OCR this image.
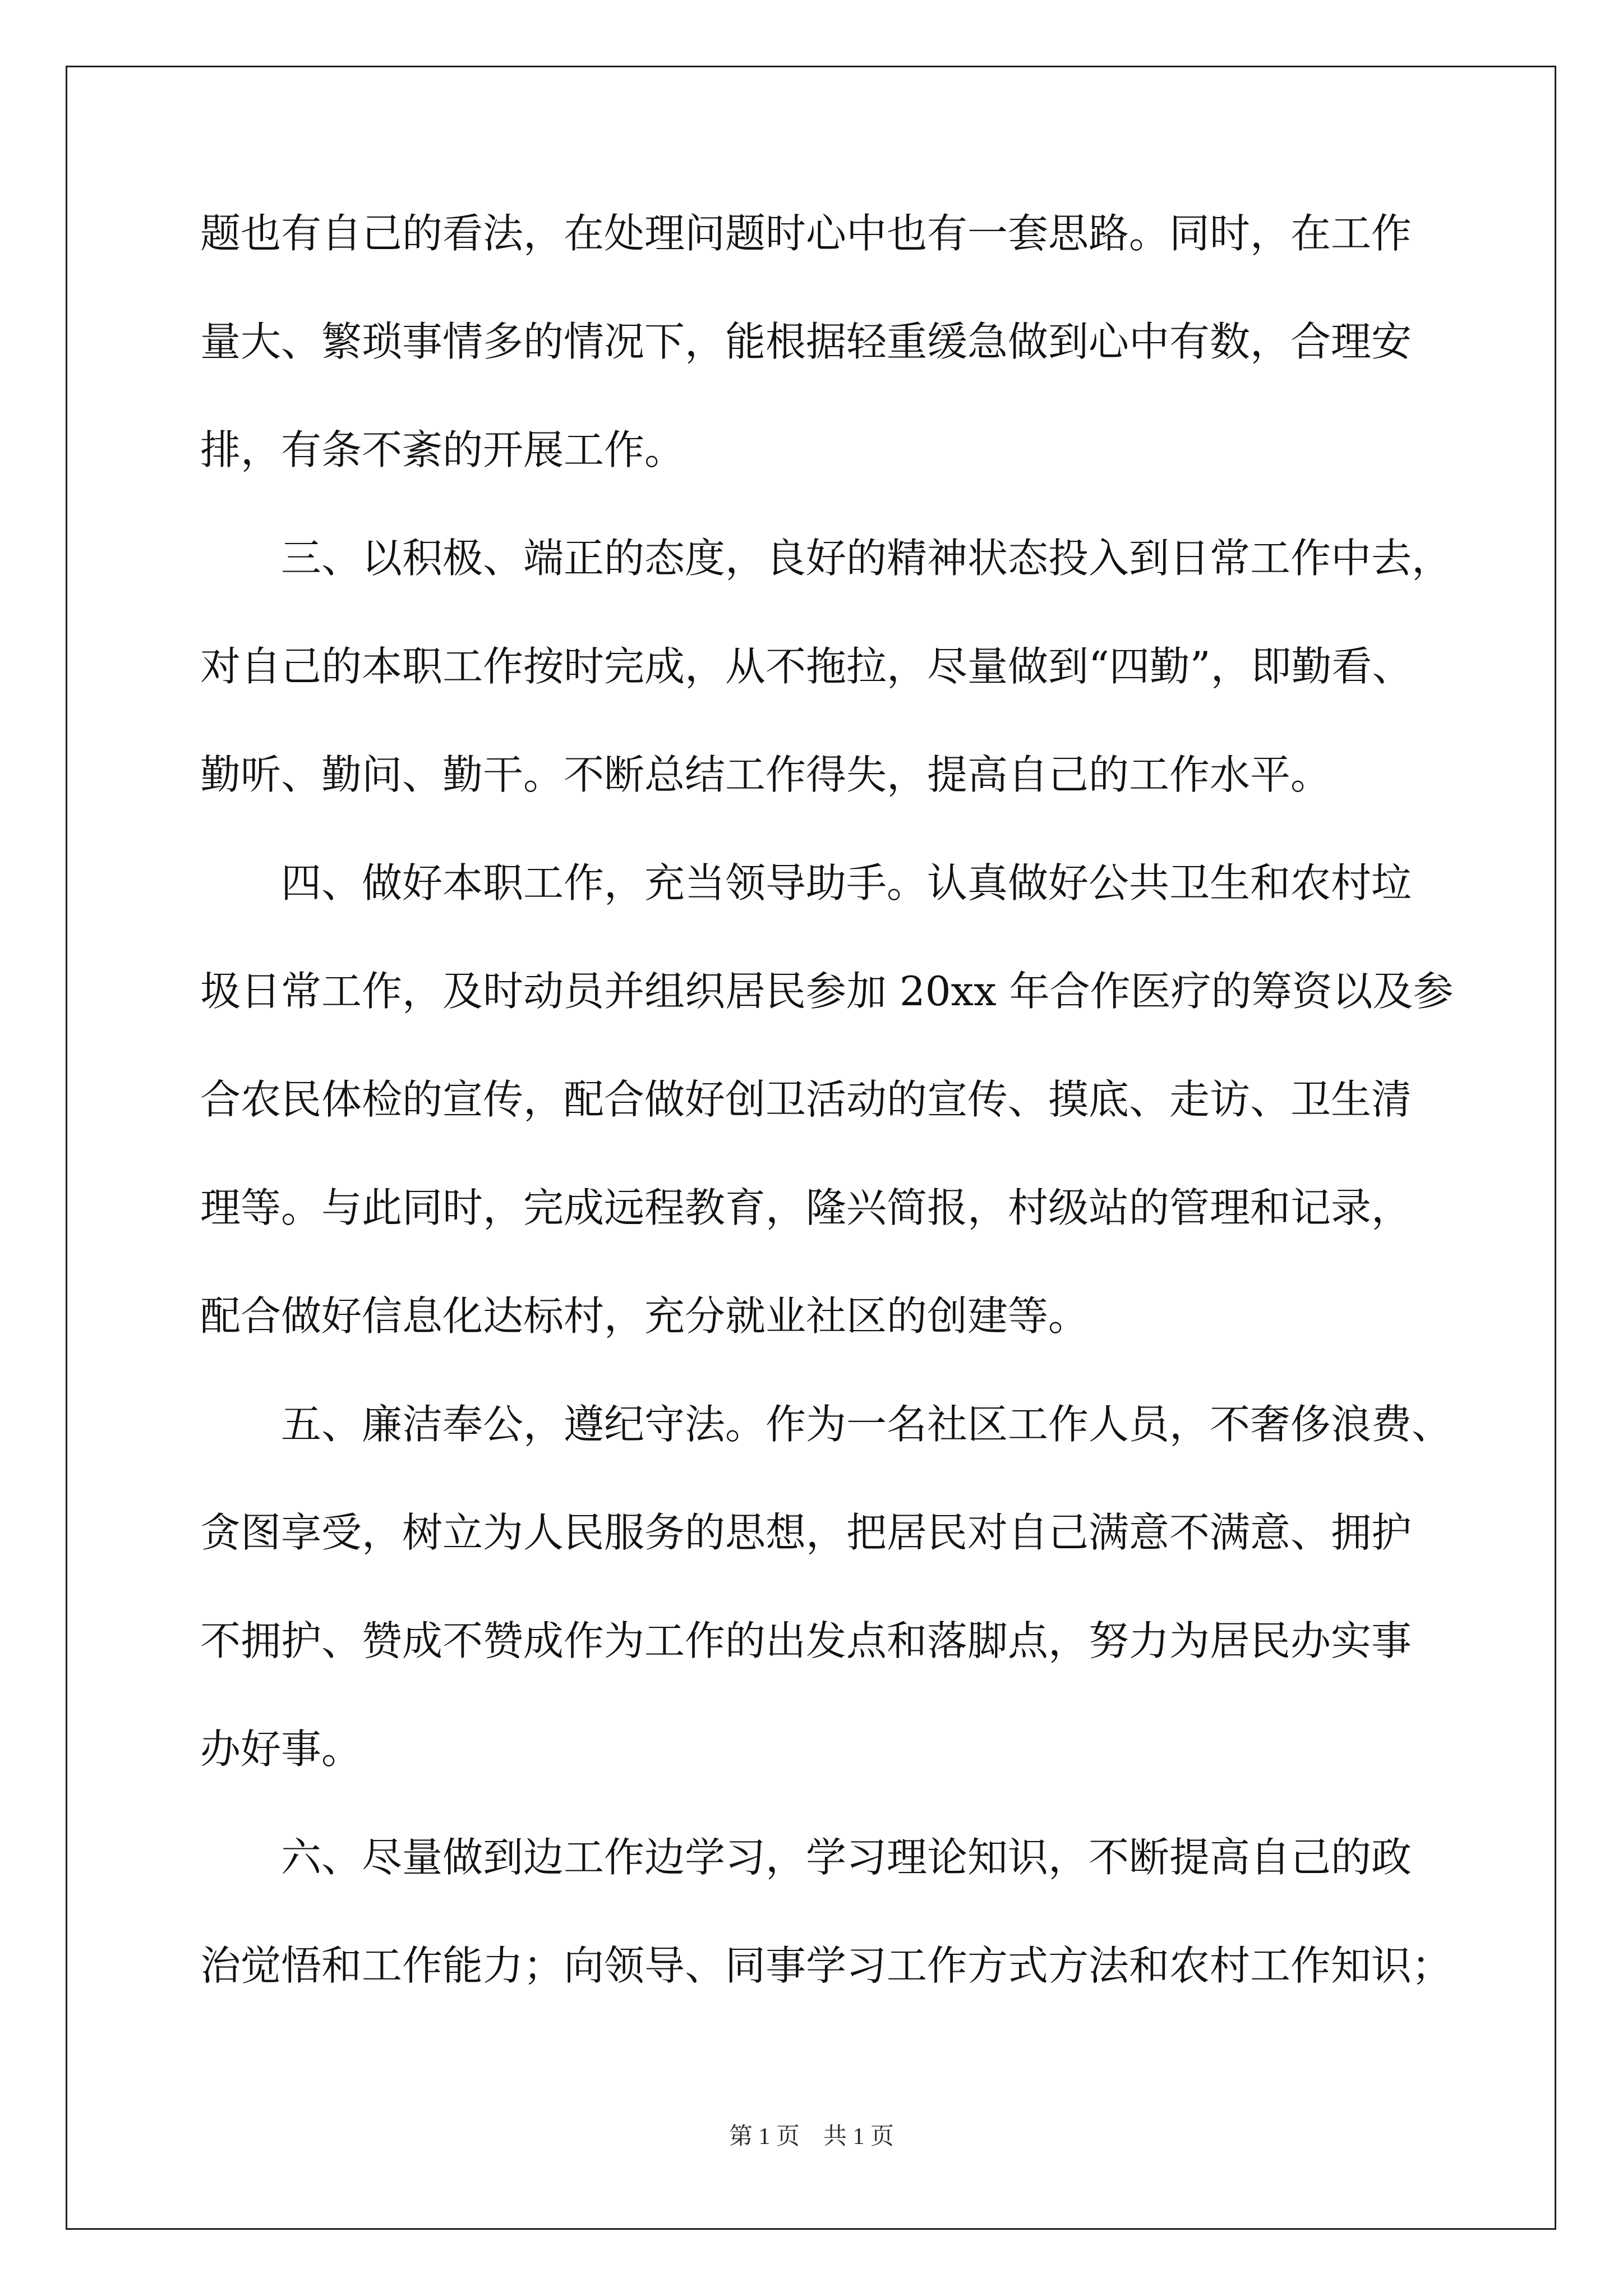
题也有自己的看法，在处理问题时心中也有一套思路。同时，在工作
量大、繁琐事情多的情况下，能根据轻重缓急做到心中有数，合理安
排，有条不紊的开展工作。
　　三、以积极、端正的态度，良好的精神状态投入到日常工作中去，
对自己的本职工作按时完成，从不拖拉，尽量做到“四勤”，即勤看、
勤听、勤问、勤干。不断总结工作得失，提高自己的工作水平。
　　四、做好本职工作，充当领导助手。认真做好公共卫生和农村垃
圾日常工作，及时动员并组织居民参加 20xx 年合作医疗的筹资以及参
合农民体检的宣传，配合做好创卫活动的宣传、摸底、走访、卫生清
理等。与此同时，完成远程教育，隆兴简报，村级站的管理和记录，
配合做好信息化达标村，充分就业社区的创建等。
　　五、廉洁奉公，遵纪守法。作为一名社区工作人员，不奢侈浪费、
贪图享受，树立为人民服务的思想，把居民对自己满意不满意、拥护
不拥护、赞成不赞成作为工作的出发点和落脚点，努力为居民办实事
办好事。
　　六、尽量做到边工作边学习，学习理论知识，不断提高自己的政
治觉悟和工作能力；向领导、同事学习工作方式方法和农村工作知识；
第 1 页　共 1 页
